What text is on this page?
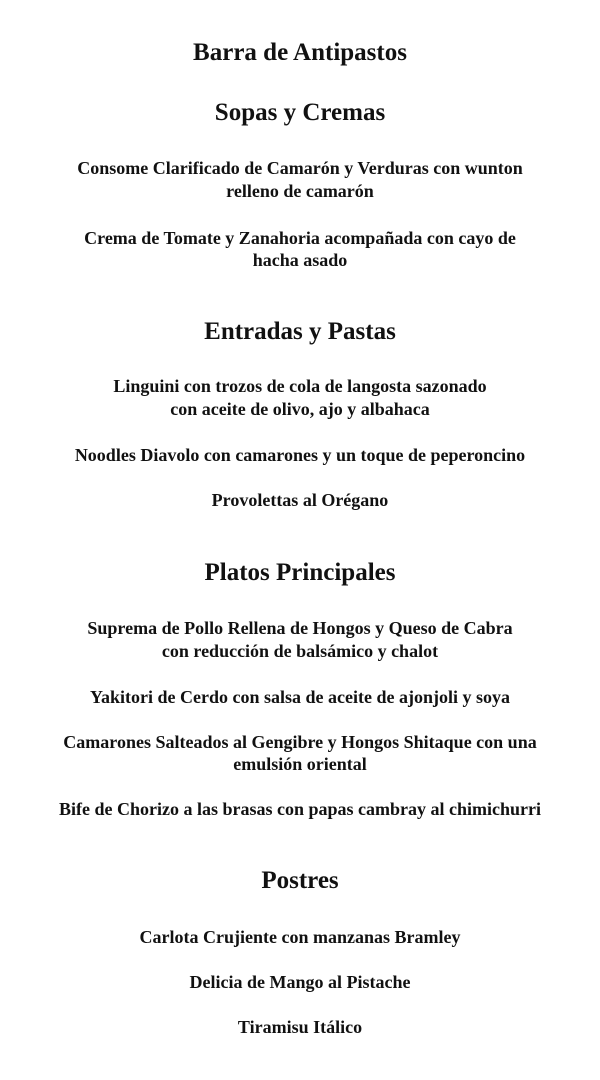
Barra de Antipastos
Sopas y Cremas
Consome Clarificado de Camarón y Verduras con wunton
relleno de camarón
Crema de Tomate y Zanahoria acompañada con cayo de
hacha asado
Entradas y Pastas
Linguini con trozos de cola de langosta sazonado
con aceite de olivo, ajo y albahaca
Noodles Diavolo con camarones y un toque de peperoncino
Provolettas al Orégano
Platos Principales
Suprema de Pollo Rellena de Hongos y Queso de Cabra
con reducción de balsámico y chalot
Yakitori de Cerdo con salsa de aceite de ajonjoli y soya
Camarones Salteados al Gengibre y Hongos Shitaque con una
emulsión oriental
Bife de Chorizo a las brasas con papas cambray al chimichurri
Postres
Carlota Crujiente con manzanas Bramley
Delicia de Mango al Pistache
Tiramisu Itálico
